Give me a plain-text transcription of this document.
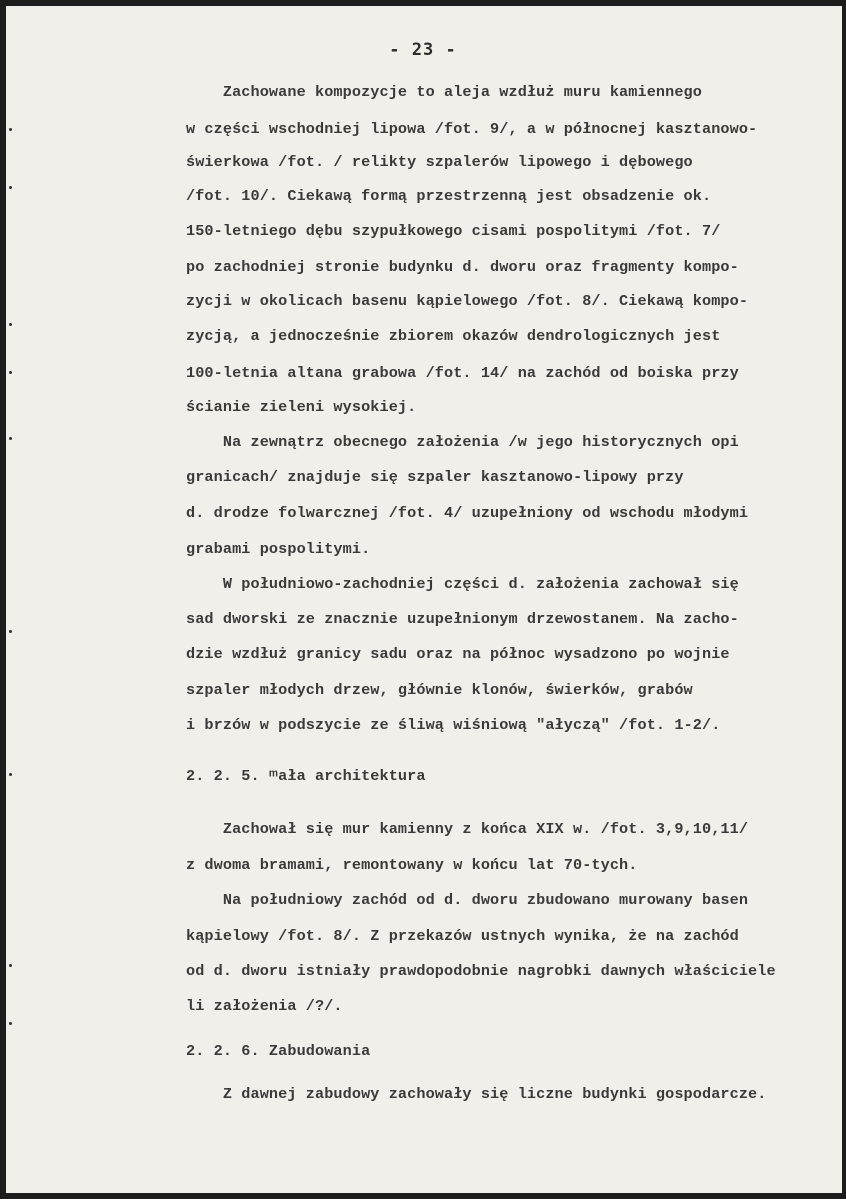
- 23 -
Zachowane kompozycje to aleja wzdłuż muru kamiennego
w części wschodniej lipowa /fot. 9/, a w północnej kasztanowo-
świerkowa /fot. / relikty szpalerów lipowego i dębowego
/fot. 10/. Ciekawą formą przestrzenną jest obsadzenie ok.
150-letniego dębu szypułkowego cisami pospolitymi /fot. 7/
po zachodniej stronie budynku d. dworu oraz fragmenty kompo-
zycji w okolicach basenu kąpielowego /fot. 8/. Ciekawą kompo-
zycją, a jednocześnie zbiorem okazów dendrologicznych jest
100-letnia altana grabowa /fot. 14/ na zachód od boiska przy
ścianie zieleni wysokiej.
Na zewnątrz obecnego założenia /w jego historycznych opi
granicach/ znajduje się szpaler kasztanowo-lipowy przy
d. drodze folwarcznej /fot. 4/ uzupełniony od wschodu młodymi
grabami pospolitymi.
W południowo-zachodniej części d. założenia zachował się
sad dworski ze znacznie uzupełnionym drzewostanem. Na zacho-
dzie wzdłuż granicy sadu oraz na północ wysadzono po wojnie
szpaler młodych drzew, głównie klonów, świerków, grabów
i brzów w podszycie ze śliwą wiśniową "ałyczą" /fot. 1-2/.
2. 2. 5. ᵐała architektura
Zachował się mur kamienny z końca XIX w. /fot. 3,9,10,11/
z dwoma bramami, remontowany w końcu lat 70-tych.
Na południowy zachód od d. dworu zbudowano murowany basen
kąpielowy /fot. 8/. Z przekazów ustnych wynika, że na zachód
od d. dworu istniały prawdopodobnie nagrobki dawnych właściciele
li założenia /?/.
2. 2. 6. Zabudowania
Z dawnej zabudowy zachowały się liczne budynki gospodarcze.
